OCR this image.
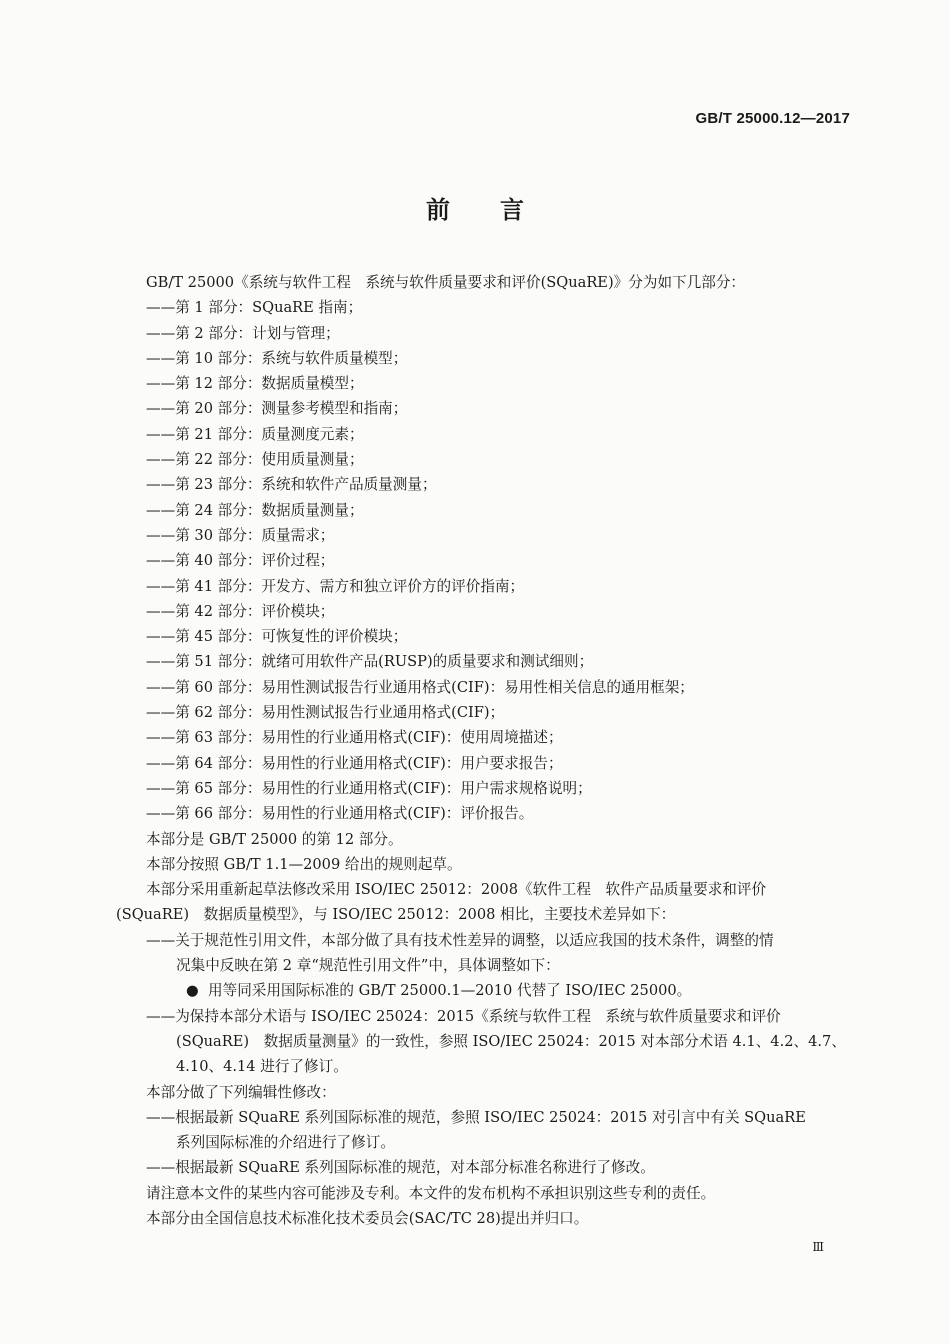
GB/T 25000.12—2017
前言
GB/T 25000《系统与软件工程　系统与软件质量要求和评价(SQuaRE)》分为如下几部分：
——第 1 部分：SQuaRE 指南；
——第 2 部分：计划与管理；
——第 10 部分：系统与软件质量模型；
——第 12 部分：数据质量模型；
——第 20 部分：测量参考模型和指南；
——第 21 部分：质量测度元素；
——第 22 部分：使用质量测量；
——第 23 部分：系统和软件产品质量测量；
——第 24 部分：数据质量测量；
——第 30 部分：质量需求；
——第 40 部分：评价过程；
——第 41 部分：开发方、需方和独立评价方的评价指南；
——第 42 部分：评价模块；
——第 45 部分：可恢复性的评价模块；
——第 51 部分：就绪可用软件产品(RUSP)的质量要求和测试细则；
——第 60 部分：易用性测试报告行业通用格式(CIF)：易用性相关信息的通用框架；
——第 62 部分：易用性测试报告行业通用格式(CIF)；
——第 63 部分：易用性的行业通用格式(CIF)：使用周境描述；
——第 64 部分：易用性的行业通用格式(CIF)：用户要求报告；
——第 65 部分：易用性的行业通用格式(CIF)：用户需求规格说明；
——第 66 部分：易用性的行业通用格式(CIF)：评价报告。
本部分是 GB/T 25000 的第 12 部分。
本部分按照 GB/T 1.1—2009 给出的规则起草。
本部分采用重新起草法修改采用 ISO/IEC 25012：2008《软件工程　软件产品质量要求和评价
(SQuaRE)　数据质量模型》，与 ISO/IEC 25012：2008 相比，主要技术差异如下：
——关于规范性引用文件，本部分做了具有技术性差异的调整，以适应我国的技术条件，调整的情
况集中反映在第 2 章“规范性引用文件”中，具体调整如下：
● 用等同采用国际标准的 GB/T 25000.1—2010 代替了 ISO/IEC 25000。
——为保持本部分术语与 ISO/IEC 25024：2015《系统与软件工程　系统与软件质量要求和评价
(SQuaRE)　数据质量测量》的一致性，参照 ISO/IEC 25024：2015 对本部分术语 4.1、4.2、4.7、
4.10、4.14 进行了修订。
本部分做了下列编辑性修改：
——根据最新 SQuaRE 系列国际标准的规范，参照 ISO/IEC 25024：2015 对引言中有关 SQuaRE
系列国际标准的介绍进行了修订。
——根据最新 SQuaRE 系列国际标准的规范，对本部分标准名称进行了修改。
请注意本文件的某些内容可能涉及专利。本文件的发布机构不承担识别这些专利的责任。
本部分由全国信息技术标准化技术委员会(SAC/TC 28)提出并归口。
Ⅲ
